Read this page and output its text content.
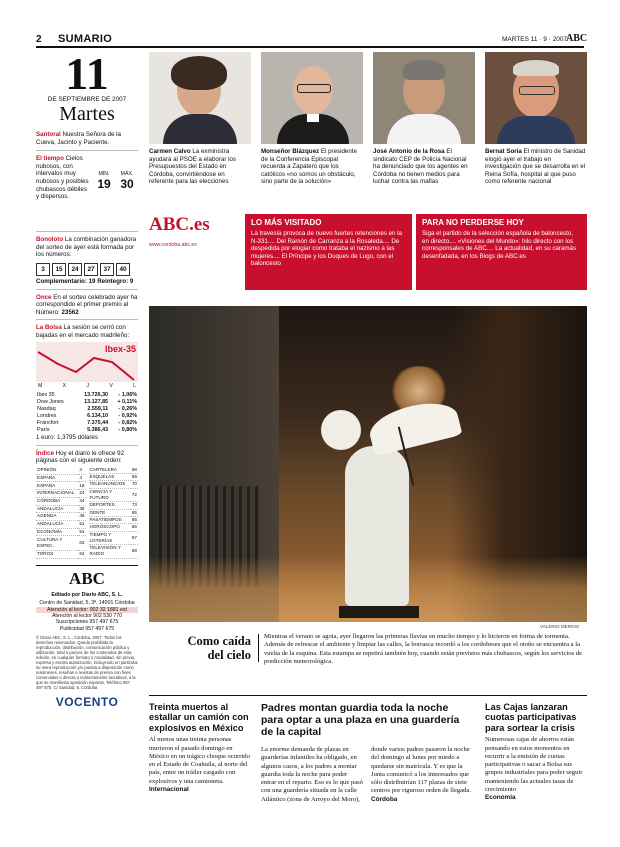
2 SUMARIO	MARTES 11 · 9 · 2007
ABC
11
DE SEPTIEMBRE DE 2007
Martes
Santoral Nuestra Señora de la Cueva, Jacinto y Paciente.
El tiempo Cielos nubosos, con intervalos muy nubosos y posibles chubascos débiles y dispersos.
MÍN.
19
MÁX.
30
Bonoloto La combinación ganadora del sorteo de ayer está formada por los números:
3 15 24 27 37 40
Complementario: 19 Reintegro: 9
Once En el sorteo celebrado ayer ha correspondido el primer premio al Número: 23562
La Bolsa La sesión se cerró con bajadas en el mercado madrileño:
Ibex-35
M	X	J	V	L
Ibex 35	13.726,30	- 1,06%
Dow Jones	13.127,85	+ 0,11%
Nasdaq	2.559,11	- 0,26%
Londres	6.134,10	- 0,92%
Fráncfort	7.375,44	- 0,82%
París	5.386,43	- 0,80%
1 euro: 1,3795 dólares
Índice Hoy el diario le ofrece 92 páginas con el siguiente orden:
OPINIÓN	3
ESPAÑA	4
ESPAÑA	18
INTERNACIONAL	24
CÓRDOBA	34
ANDALUCÍA	38
AGENDA	49
ANDALUCÍA	51
ECONOMÍA	54
CULTURA Y ESPEC.	63
TOROS	64
CARTELERA	68
ESQUELAS	69
TELEANUNCIOS	70
CIENCIA Y FUTURO	72
DEPORTES	73
GENTE	85
PASATIEMPOS	86
HORÓSCOPO	86
TIEMPO Y LOTERÍAS	87
TELEVISIÓN Y RADIO	88
ABC
Editado por Diario ABC, S. L.
Centro de Sanidad, 5, 3ª. 14001 Córdoba
Atención al lector: 902 32 1881 ext
Atención al lector 902 530 770
Suscripciones 957 497 675
Publicidad 957 497 675
© Diario ABC, S. L., Córdoba, 2007. Todos los derechos reservados. Queda prohibida la reproducción, distribución, comunicación pública y utilización, total o parcial, de los contenidos de esta edición, en cualquier formato o modalidad, sin previa, expresa y escrita autorización, incluyendo en particular su mera reproducción y/o puesta a disposición como resúmenes, reseñas o revistas de prensa con fines comerciales o directa o indirectamente lucrativos, a la que se manifiesta oposición expresa. Teléfono 957 497 675. C/ Sanidad, 5. Córdoba
VOCENTO
Carmen Calvo La exministra ayudará al PSOE a elaborar los Presupuestos del Estado en Córdoba, convirtiéndose en referente para las elecciones
Monseñor Blázquez El presidente de la Conferencia Episcopal recuerda a Zapatero que los católicos «no somos un obstáculo, sino parte de la solución»
José Antonio de la Rosa El sindicato CEP de Policía Nacional ha denunciado que los agentes en Córdoba no tienen medios para luchar contra las mafias
Bernat Soria El ministro de Sanidad elogió ayer el trabajo en investigación que se desarrolla en el Reina Sofía, hospital al que puso como referente nacional
ABC.es
www.cordoba.abc.es
LO MÁS VISITADO
La travesía provoca de nuevo fuertes retenciones en la N-331.... Del Ramón de Carranza a la Rosaleda.... De despedida por elogiar como trataba el nazismo a las mujeres.... El Príncipe y los Duques de Lugo, con el baloncesto
PARA NO PERDERSE HOY
Siga el partido de la selección española de baloncesto, en directo.... «Visiones del Mundo»: hilo directo con los corresponsales de ABC.... La actualidad, en su caramás desenfadada, en los Blogs de ABC.es
VALERIO MERINO
Como caída del cielo
Mientras el verano se agota, ayer llegaron las primeras lluvias en mucho tiempo y lo hicieron en forma de tormenta. Además de refrescar el ambiente y limpiar las calles, la borrasca recordó a los cordobeses que el otoño se encuentra a la vuelta de la esquina. Esta estampa se repetirá también hoy, cuando están previstos más chubascos, según los servicios de predicción meteorológica.
Treinta muertos al estallar un camión con explosivos en México
Al menos unas treinta personas murieron el pasado domingo en México en un trágico choque ocurrido en el Estado de Coahuila, al norte del país, entre un tráiler cargado con explosivos y una camioneta.
Internacional
Padres montan guardia toda la noche para optar a una plaza en una guardería de la capital
La enorme demanda de plazas en guarderías infantiles ha obligado, en algunos casos, a los padres a montar guardia toda la noche para poder entrar en el reparto. Eso es lo que pasó con una guardería situada en la calle Atlántico (zona de Arroyo del Moro),
donde varios padres pasaron la noche del domingo al lunes por miedo a quedarse sin matrícula. Y es que la Junta comunicó a los interesados que sólo distribuirían 117 plazas de siete centros por riguroso orden de llegada.
Córdoba
Las Cajas lanzaran cuotas participativas para sortear la crisis
Numerosas cajas de ahorros están pensando en estos momentos en recurrir a la emisión de cuotas participativas o sacar a Bolsa sus grupos industriales para poder seguir manteniendo las actuales tasas de crecimiento
Economía
